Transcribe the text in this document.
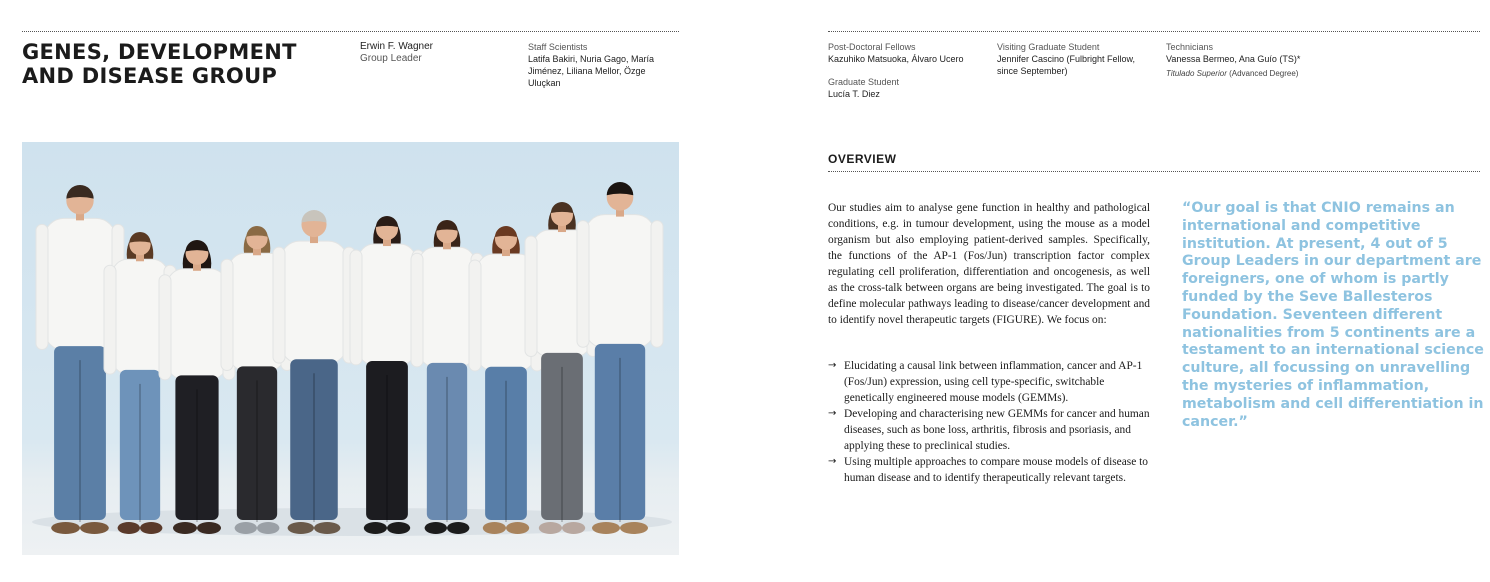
GENES, DEVELOPMENT AND DISEASE GROUP
Erwin F. Wagner
Group Leader
Staff Scientists
Latifa Bakiri, Nuria Gago, María Jiménez, Liliana Mellor, Özge Uluçkan
Post-Doctoral Fellows
Kazuhiko Matsuoka, Álvaro Ucero
Graduate Student
Lucía T. Diez
Visiting Graduate Student
Jennifer Cascino (Fulbright Fellow, since September)
Technicians
Vanessa Bermeo, Ana Guío (TS)*
Titulado Superior (Advanced Degree)
OVERVIEW

Our studies aim to analyse gene function in healthy and pathological conditions, e.g. in tumour development, using the mouse as a model organism but also employing patient-derived samples. Specifically, the functions of the AP-1 (Fos/Jun) transcription factor complex regulating cell proliferation, differentiation and oncogenesis, as well as the cross-talk between organs are being investigated. The goal is to define molecular pathways leading to disease/cancer development and to identify novel therapeutic targets (FIGURE). We focus on:

→ Elucidating a causal link between inflammation, cancer and AP-1 (Fos/Jun) expression, using cell type-specific, switchable genetically engineered mouse models (GEMMs).
→ Developing and characterising new GEMMs for cancer and human diseases, such as bone loss, arthritis, fibrosis and psoriasis, and applying these to preclinical studies.
→ Using multiple approaches to compare mouse models of disease to human disease and to identify therapeutically relevant targets.

“Our goal is that CNIO remains an international and competitive institution. At present, 4 out of 5 Group Leaders in our department are foreigners, one of whom is partly funded by the Seve Ballesteros Foundation. Seventeen different nationalities from 5 continents are a testament to an international science culture, all focussing on unravelling the mysteries of inflammation, metabolism and cell differentiation in cancer.”
